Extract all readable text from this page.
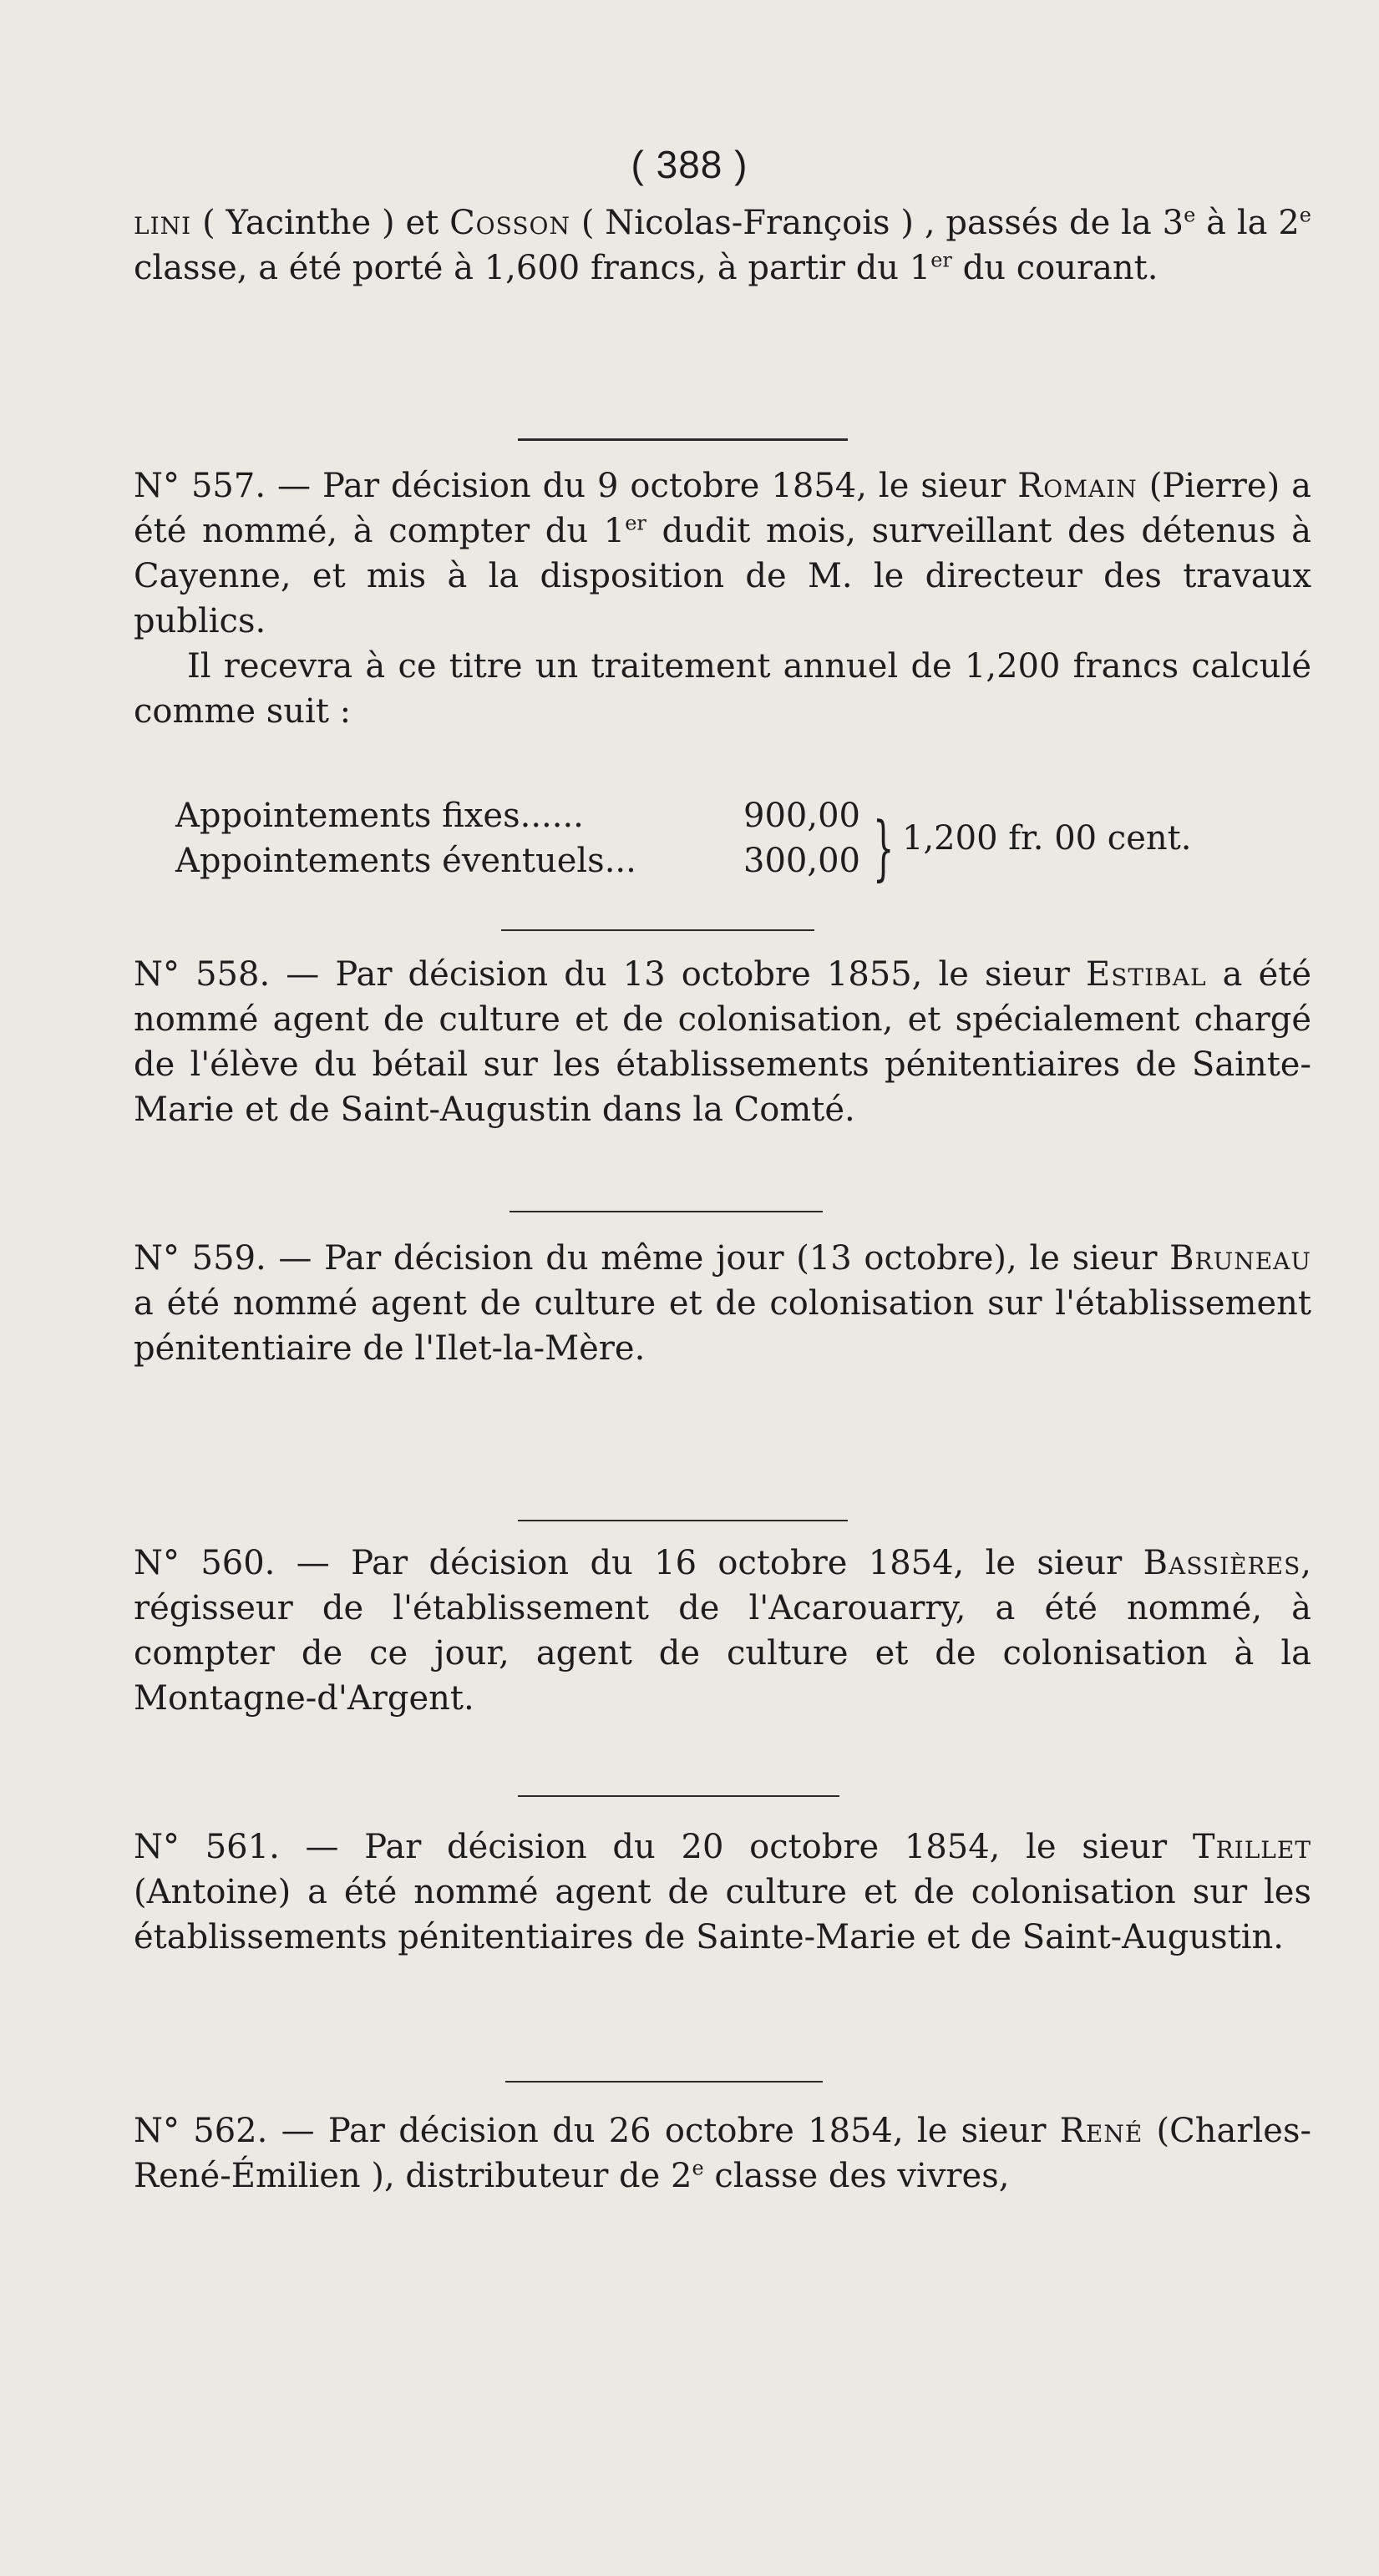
( 388 )

lini ( Yacinthe ) et Cosson ( Nicolas-François ) , passés de la 3e à la 2e classe, a été porté à 1,600 francs, à partir du 1er du courant.

N° 557. — Par décision du 9 octobre 1854, le sieur Romain (Pierre) a été nommé, à compter du 1er dudit mois, surveillant des détenus à Cayenne, et mis à la disposition de M. le directeur des travaux publics.

Il recevra à ce titre un traitement annuel de 1,200 francs calculé comme suit :

Appointements fixes......	900,00
Appointements éventuels...	300,00 } 1,200 fr. 00 cent.

N° 558. — Par décision du 13 octobre 1855, le sieur Estibal a été nommé agent de culture et de colonisation, et spécialement chargé de l'élève du bétail sur les établissements pénitentiaires de Sainte-Marie et de Saint-Augustin dans la Comté.

N° 559. — Par décision du même jour (13 octobre), le sieur Bruneau a été nommé agent de culture et de colonisation sur l'établissement pénitentiaire de l'Ilet-la-Mère.

N° 560. — Par décision du 16 octobre 1854, le sieur Bassières, régisseur de l'établissement de l'Acarouarry, a été nommé, à compter de ce jour, agent de culture et de colonisation à la Montagne-d'Argent.

N° 561. — Par décision du 20 octobre 1854, le sieur Trillet (Antoine) a été nommé agent de culture et de colonisation sur les établissements pénitentiaires de Sainte-Marie et de Saint-Augustin.

N° 562. — Par décision du 26 octobre 1854, le sieur René (Charles-René-Émilien ), distributeur de 2e classe des vivres,
